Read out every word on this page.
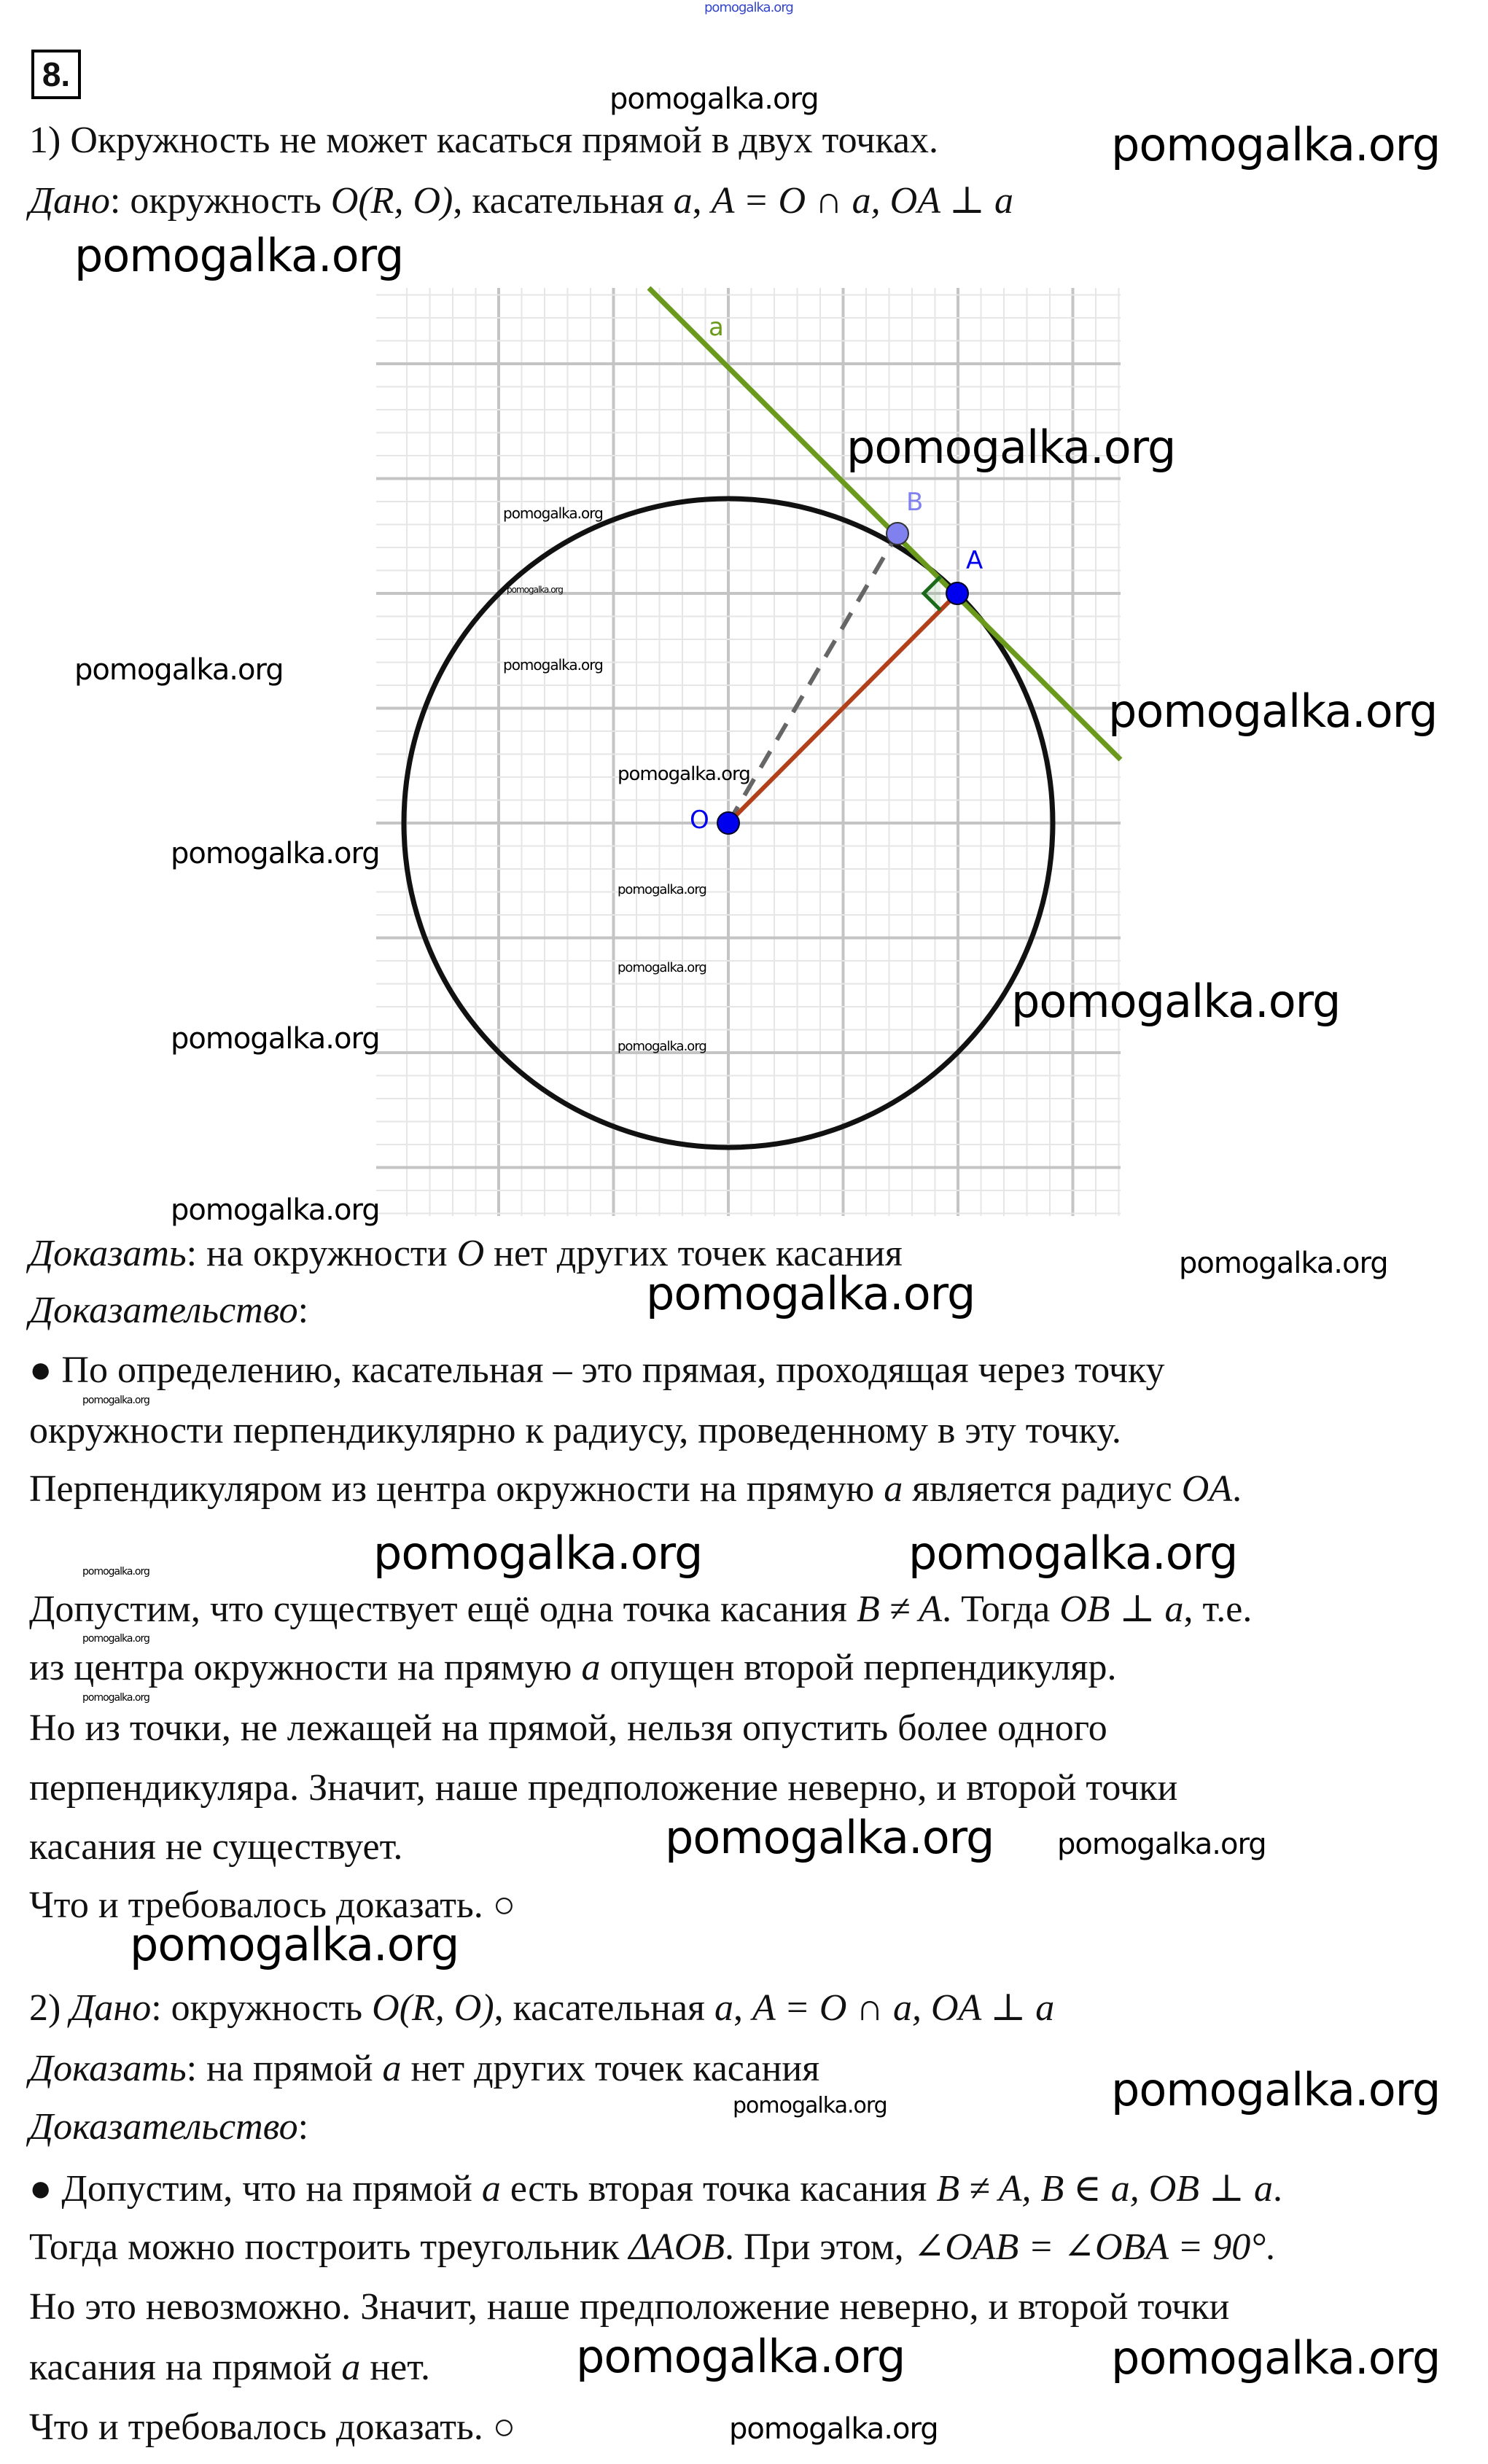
8.
a
B
A
O
1) Окружность не может касаться прямой в двух точках.
Дано: окружность O(R, O), касательная a, A = O ∩ a, OA ⊥ a
Доказать: на окружности O нет других точек касания
Доказательство:
● По определению, касательная – это прямая, проходящая через точку
окружности перпендикулярно к радиусу, проведенному в эту точку.
Перпендикуляром из центра окружности на прямую a является радиус OA.
Допустим, что существует ещё одна точка касания B ≠ A. Тогда OB ⊥ a, т.е.
из центра окружности на прямую a опущен второй перпендикуляр.
Но из точки, не лежащей на прямой, нельзя опустить более одного
перпендикуляра. Значит, наше предположение неверно, и второй точки
касания не существует.
Что и требовалось доказать. ○
2) Дано: окружность O(R, O), касательная a, A = O ∩ a, OA ⊥ a
Доказать: на прямой a нет других точек касания
Доказательство:
● Допустим, что на прямой a есть вторая точка касания B ≠ A, B ∈ a, OB ⊥ a.
Тогда можно построить треугольник ΔAOB. При этом, ∠OAB = ∠OBA = 90°.
Но это невозможно. Значит, наше предположение неверно, и второй точки
касания на прямой a нет.
Что и требовалось доказать. ○
pomogalka.org
pomogalka.org
pomogalka.org
pomogalka.org
pomogalka.org
pomogalka.org
pomogalka.org
pomogalka.org
pomogalka.org
pomogalka.org
pomogalka.org
pomogalka.org
pomogalka.org
pomogalka.org
pomogalka.org
pomogalka.org
pomogalka.org
pomogalka.org
pomogalka.org
pomogalka.org
pomogalka.org
pomogalka.org	pomogalka.org	pomogalka.org
pomogalka.org
pomogalka.org
pomogalka.org pomogalka.org
pomogalka.org
pomogalka.org	pomogalka.org
pomogalka.org
pomogalka.org	pomogalka.org
